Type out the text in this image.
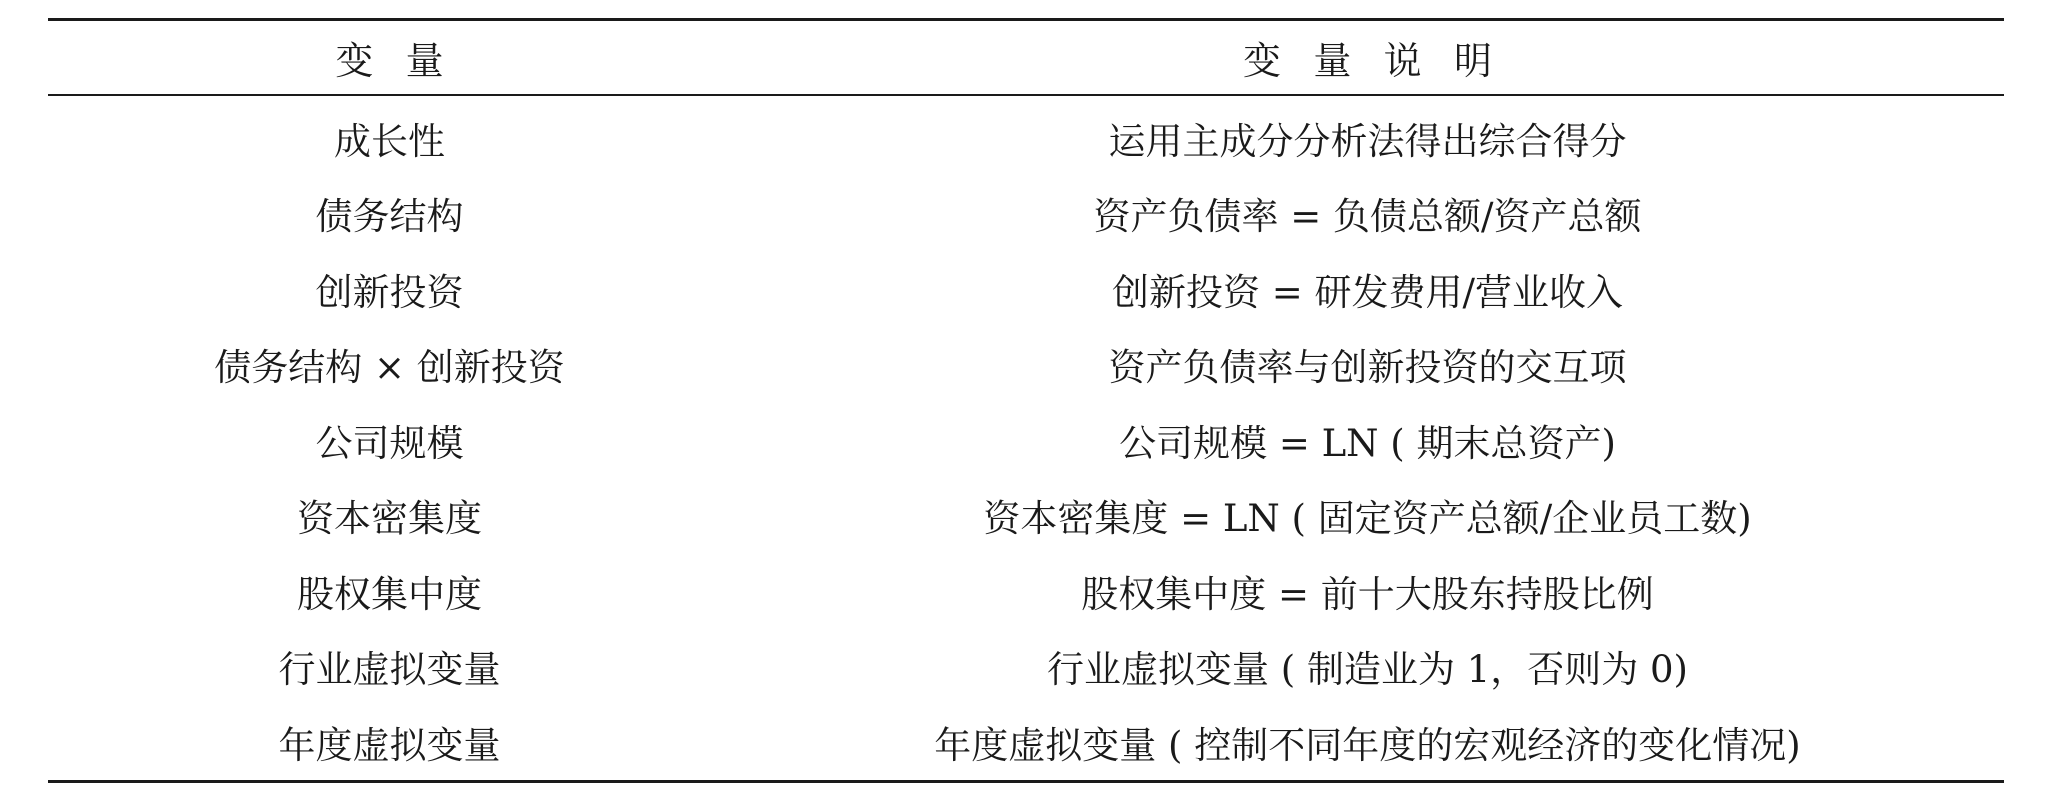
变量	变量说明
成长性	运用主成分分析法得出综合得分
债务结构	资产负债率 = 负债总额/资产总额
创新投资	创新投资 = 研发费用/营业收入
债务结构 × 创新投资	资产负债率与创新投资的交互项
公司规模	公司规模 = LN ( 期末总资产)
资本密集度	资本密集度 = LN ( 固定资产总额/企业员工数)
股权集中度	股权集中度 = 前十大股东持股比例
行业虚拟变量	行业虚拟变量 ( 制造业为 1，否则为 0)
年度虚拟变量	年度虚拟变量 ( 控制不同年度的宏观经济的变化情况)
